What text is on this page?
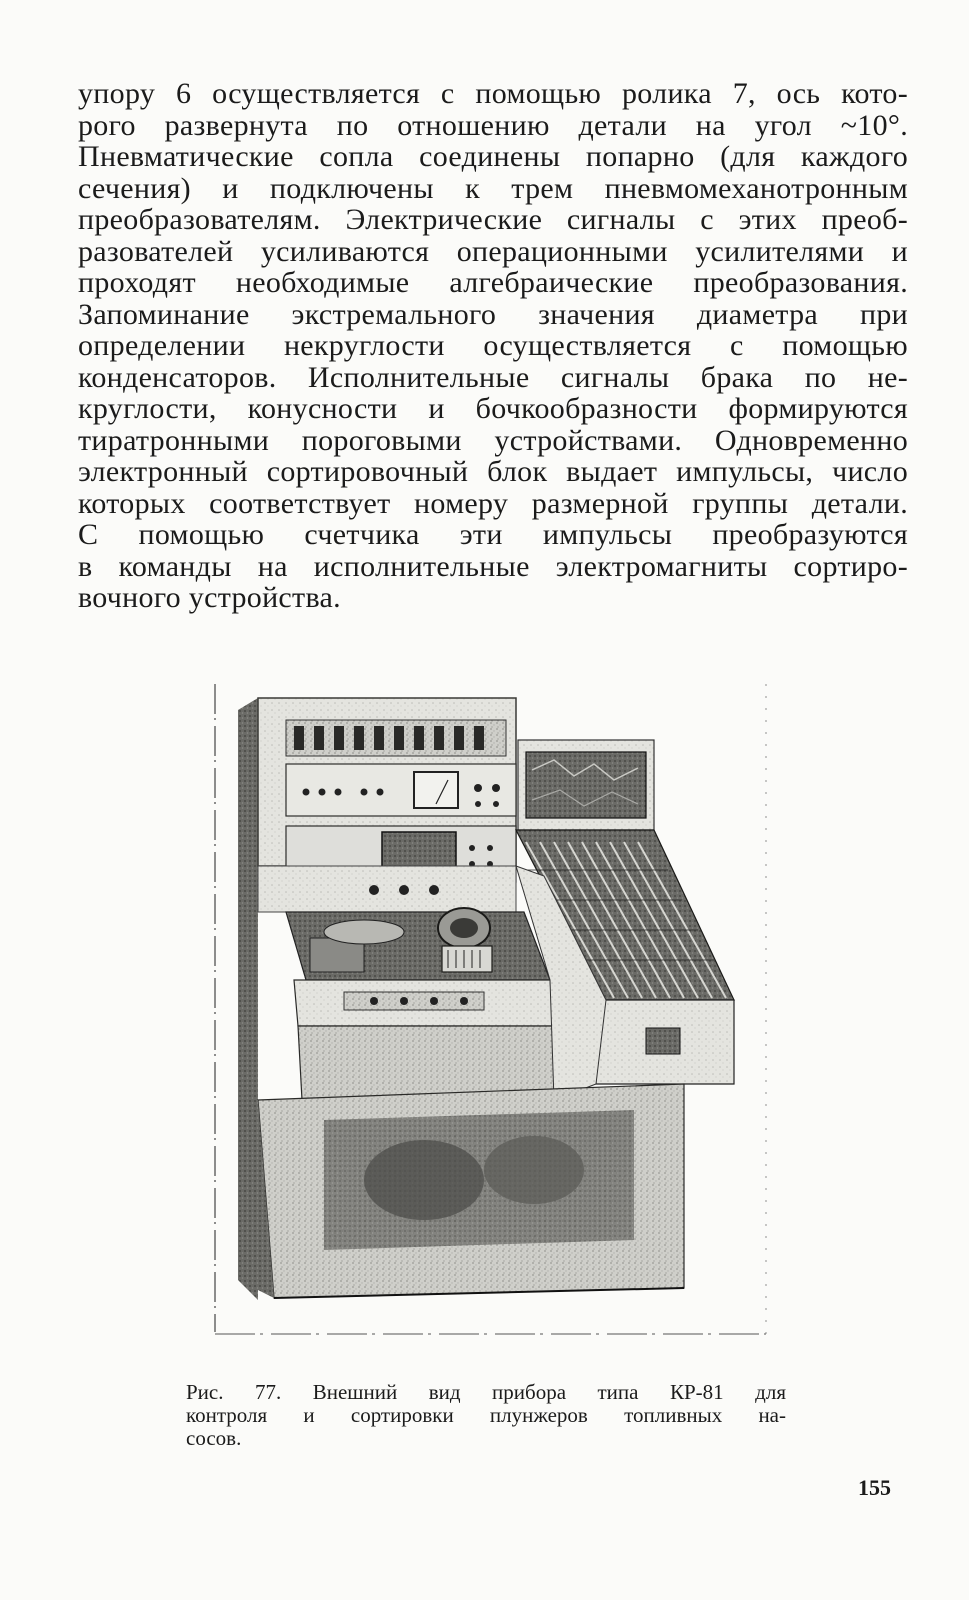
упору 6 осуществляется с помощью ролика 7, ось кото-
рого развернута по отношению детали на угол ~10°.
Пневматические сопла соединены попарно (для каждого
сечения) и подключены к трем пневмомеханотронным
преобразователям. Электрические сигналы с этих преоб-
разователей усиливаются операционными усилителями и
проходят необходимые алгебраические преобразования.
Запоминание экстремального значения диаметра при
определении некруглости осуществляется с помощью
конденсаторов. Исполнительные сигналы брака по не-
круглости, конусности и бочкообразности формируются
тиратронными пороговыми устройствами. Одновременно
электронный сортировочный блок выдает импульсы, число
которых соответствует номеру размерной группы детали.
С помощью счетчика эти импульсы преобразуются
в команды на исполнительные электромагниты сортиро-
вочного устройства.
Рис. 77. Внешний вид прибора типа КР-81 для
контроля и сортировки плунжеров топливных на-
сосов.
155
